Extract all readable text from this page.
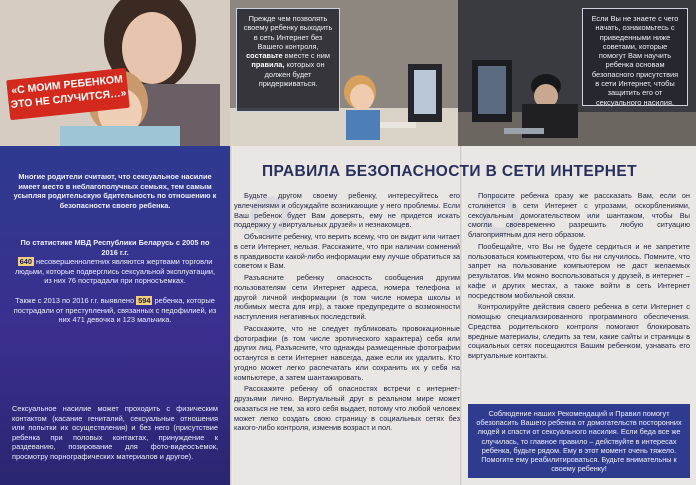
«С МОИМ РЕБЕНКОМ ЭТО НЕ СЛУЧИТСЯ…»
Прежде чем позволять своему ребенку выходить в сеть Интернет без Вашего контроля, составьте вместе с ним правила, которых он должен будет придерживаться.
Если Вы не знаете с чего начать, ознакомьтесь с приведенными ниже советами, которые помогут Вам научить ребенка основам безопасного присутствия в сети Интернет, чтобы защитить его от сексуального насилия.

Многие родители считают, что сексуальное насилие имеет место в неблагополучных семьях, тем самым усыпляя родительскую бдительность по отношению к безопасности своего ребенка.

По статистике МВД Республики Беларусь с 2005 по 2016 г.г.
640 несовершеннолетних являются жертвами торговли людьми, которые подверглись сексуальной эксплуатации, из них 76 пострадали при порносъемках.

Также с 2013 по 2016 г.г. выявлено 594 ребенка, которые пострадали от преступлений, связанных с педофилией, из них 471 девочка и 123 мальчика.

Сексуальное насилие может проходить с физическим контактом (касание гениталий, сексуальные отношения или попытки их осуществления) и без него (присутствие ребенка при половых контактах, принуждение к раздеванию, позирование для фото-видеосъемок, просмотру порнографических материалов и другое).

ПРАВИЛА БЕЗОПАСНОСТИ В СЕТИ ИНТЕРНЕТ

Будьте другом своему ребенку, интересуйтесь его увлечениями и обсуждайте возникающие у него проблемы. Если Ваш ребенок будет Вам доверять, ему не придется искать поддержку у «виртуальных друзей» и незнакомцев.

Объясните ребенку, что верить всему, что он видит или читает в сети Интернет, нельзя. Расскажите, что при наличии сомнений в правдивости какой-либо информации ему лучше обратиться за советом к Вам.

Разъясните ребенку опасность сообщения другим пользователям сети Интернет адреса, номера телефона и другой личной информации (в том числе номера школы и любимых места для игр), а также предупредите о возможности наступления негативных последствий.

Расскажите, что не следует публиковать провокационные фотографии (в том числе эротического характера) себя или других лиц. Разъясните, что однажды размещенные фотографии останутся в сети Интернет навсегда, даже если их удалить. Кто угодно может легко распечатать или сохранить их у себя на компьютере, а затем шантажировать.

Расскажите ребенку об опасностях встречи с интернет-друзьями лично. Виртуальный друг в реальном мире может оказаться не тем, за кого себя выдает, потому что любой человек может легко создать свою страницу в социальных сетях без какого-либо контроля, изменив возраст и пол.

Попросите ребенка сразу же рассказать Вам, если он столкнется в сети Интернет с угрозами, оскорблениями, сексуальным домогательством или шантажом, чтобы Вы смогли своевременно разрешить любую ситуацию благоприятным для него образом.

Пообещайте, что Вы не будете сердиться и не запретите пользоваться компьютером, что бы ни случилось. Помните, что запрет на пользование компьютером не даст желаемых результатов. Им можно воспользоваться у друзей, в интернет – кафе и других местах, а также войти в сеть Интернет посредством мобильной связи.

Контролируйте действия своего ребенка в сети Интернет с помощью специализированного программного обеспечения. Средства родительского контроля помогают блокировать вредные материалы, следить за тем, какие сайты и страницы в социальных сетях посещаются Вашим ребенком, узнавать его виртуальные контакты.

Соблюдение наших Рекомендаций и Правил помогут обезопасить Вашего ребенка от домогательств посторонних людей и спасти от сексуального насилия. Если беда все же случилась, то главное правило – действуйте в интересах ребенка, будьте рядом. Ему в этот момент очень тяжело. Помогите ему реабилитироваться. Будьте внимательны к своему ребенку!
